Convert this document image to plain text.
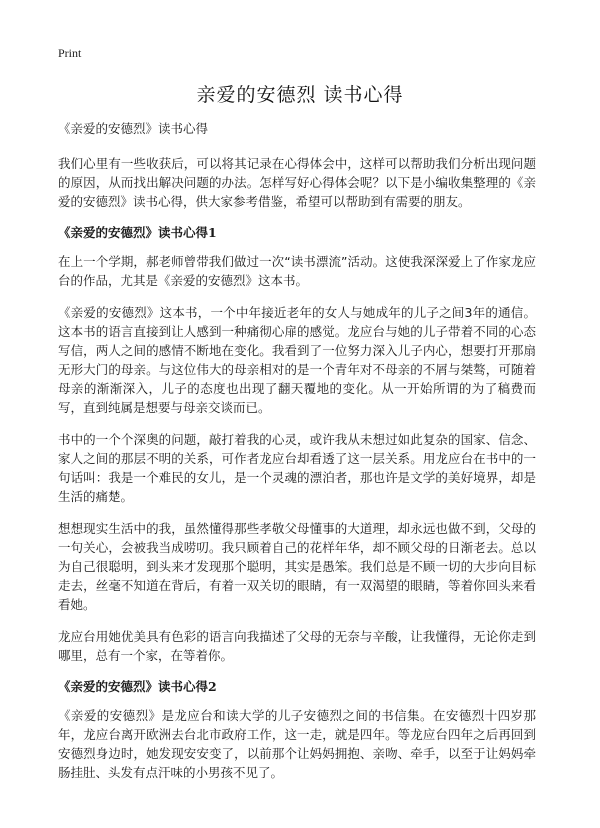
Print
亲爱的安德烈 读书心得

《亲爱的安德烈》读书心得

我们心里有一些收获后，可以将其记录在心得体会中，这样可以帮助我们分析出现问题的原因，从而找出解决问题的办法。怎样写好心得体会呢？以下是小编收集整理的《亲爱的安德烈》读书心得，供大家参考借鉴，希望可以帮助到有需要的朋友。

《亲爱的安德烈》读书心得1

在上一个学期，郝老师曾带我们做过一次“读书漂流”活动。这使我深深爱上了作家龙应台的作品，尤其是《亲爱的安德烈》这本书。

《亲爱的安德烈》这本书，一个中年接近老年的女人与她成年的儿子之间3年的通信。这本书的语言直接到让人感到一种痛彻心扉的感觉。龙应台与她的儿子带着不同的心态写信，两人之间的感情不断地在变化。我看到了一位努力深入儿子内心，想要打开那扇无形大门的母亲。与这位伟大的母亲相对的是一个青年对不母亲的不屑与桀骜，可随着母亲的渐渐深入，儿子的态度也出现了翻天覆地的变化。从一开始所谓的为了稿费而写，直到纯属是想要与母亲交谈而已。

书中的一个个深奥的问题，敲打着我的心灵，或许我从未想过如此复杂的国家、信念、家人之间的那层不明的关系，可作者龙应台却看透了这一层关系。用龙应台在书中的一句话叫：我是一个难民的女儿，是一个灵魂的漂泊者，那也许是文学的美好境界，却是生活的痛楚。

想想现实生活中的我，虽然懂得那些孝敬父母懂事的大道理，却永远也做不到，父母的一句关心，会被我当成唠叨。我只顾着自己的花样年华，却不顾父母的日渐老去。总以为自己很聪明，到头来才发现那个聪明，其实是愚笨。我们总是不顾一切的大步向目标走去，丝毫不知道在背后，有着一双关切的眼睛，有一双渴望的眼睛，等着你回头来看看她。

龙应台用她优美具有色彩的语言向我描述了父母的无奈与辛酸，让我懂得，无论你走到哪里，总有一个家，在等着你。

《亲爱的安德烈》读书心得2

《亲爱的安德烈》是龙应台和读大学的儿子安德烈之间的书信集。在安德烈十四岁那年，龙应台离开欧洲去台北市政府工作，这一走，就是四年。等龙应台四年之后再回到安德烈身边时，她发现安安变了，以前那个让妈妈拥抱、亲吻、牵手，以至于让妈妈牵肠挂肚、头发有点汗味的小男孩不见了。
